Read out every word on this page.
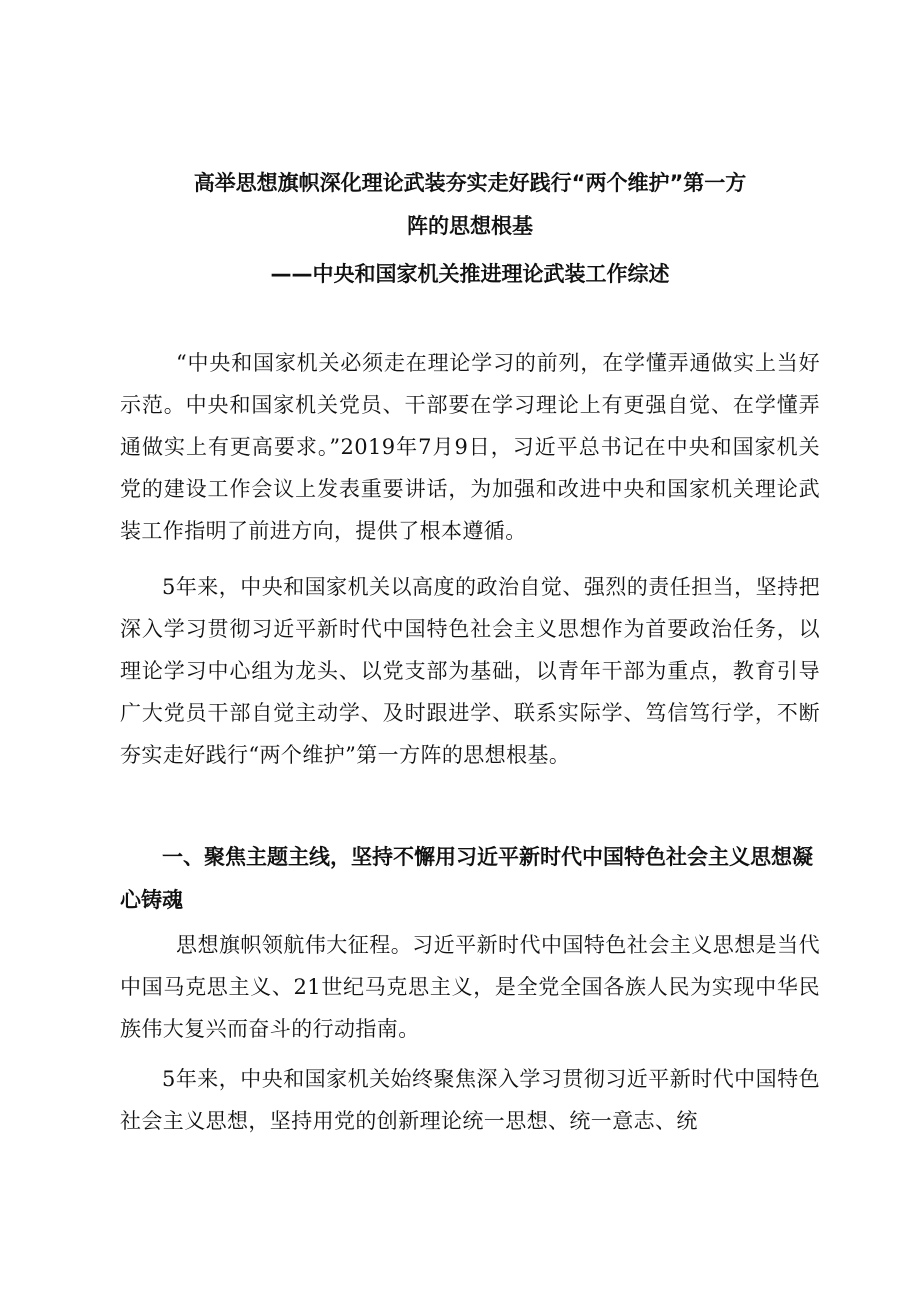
高举思想旗帜深化理论武装夯实走好践行“两个维护”第一方
阵的思想根基
——中央和国家机关推进理论武装工作综述

“中央和国家机关必须走在理论学习的前列，在学懂弄通做实上当好示范。中央和国家机关党员、干部要在学习理论上有更强自觉、在学懂弄通做实上有更高要求。”2019年7月9日，习近平总书记在中央和国家机关党的建设工作会议上发表重要讲话，为加强和改进中央和国家机关理论武装工作指明了前进方向，提供了根本遵循。

5年来，中央和国家机关以高度的政治自觉、强烈的责任担当，坚持把深入学习贯彻习近平新时代中国特色社会主义思想作为首要政治任务，以理论学习中心组为龙头、以党支部为基础，以青年干部为重点，教育引导广大党员干部自觉主动学、及时跟进学、联系实际学、笃信笃行学，不断夯实走好践行“两个维护”第一方阵的思想根基。

一、聚焦主题主线，坚持不懈用习近平新时代中国特色社会主义思想凝心铸魂

思想旗帜领航伟大征程。习近平新时代中国特色社会主义思想是当代中国马克思主义、21世纪马克思主义，是全党全国各族人民为实现中华民族伟大复兴而奋斗的行动指南。

5年来，中央和国家机关始终聚焦深入学习贯彻习近平新时代中国特色社会主义思想，坚持用党的创新理论统一思想、统一意志、统
